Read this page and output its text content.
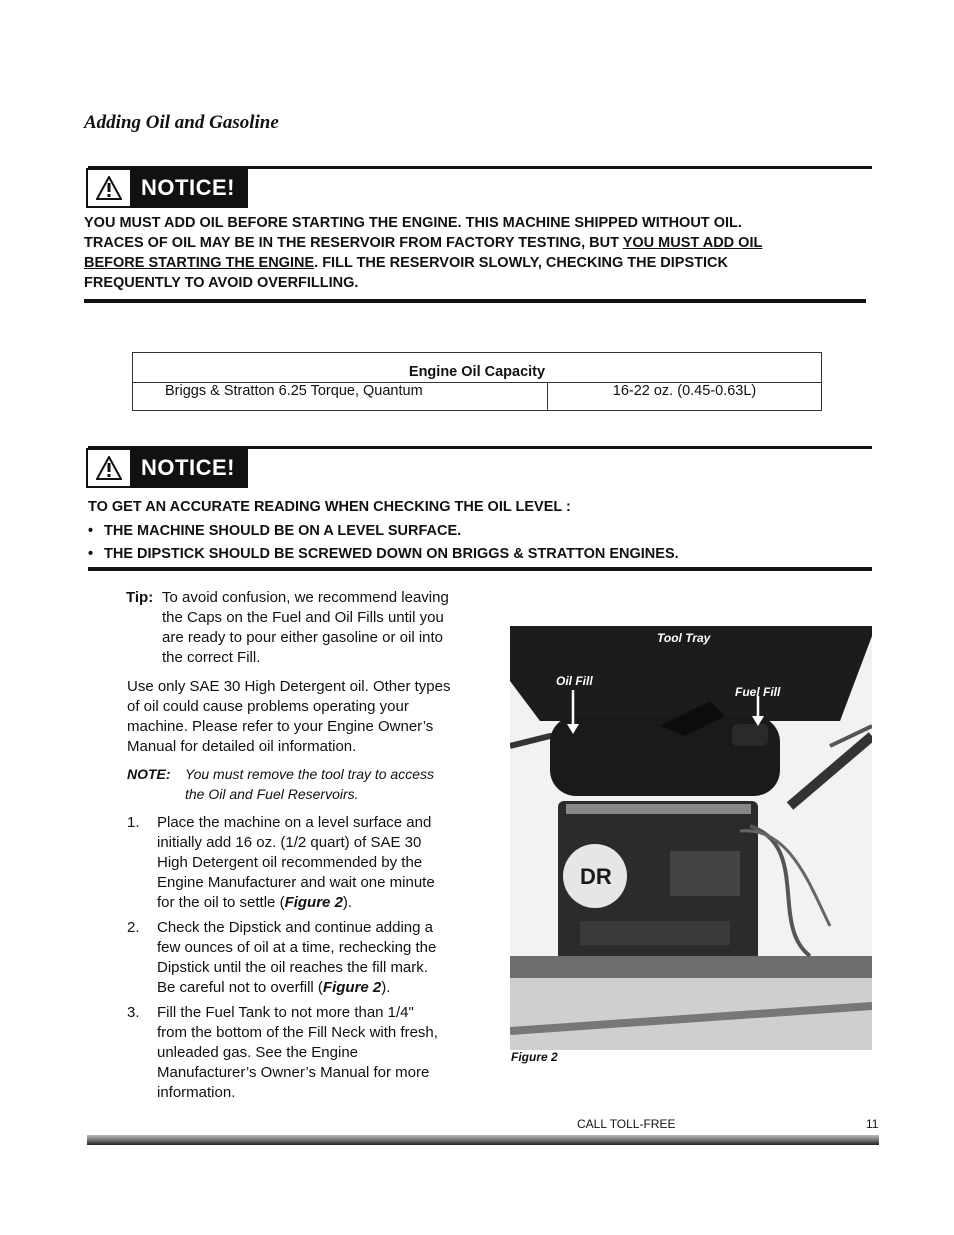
Adding Oil and Gasoline
NOTICE!
YOU MUST ADD OIL BEFORE STARTING THE ENGINE. THIS MACHINE SHIPPED WITHOUT OIL.
TRACES OF OIL MAY BE IN THE RESERVOIR FROM FACTORY TESTING, BUT YOU MUST ADD OIL
BEFORE STARTING THE ENGINE. FILL THE RESERVOIR SLOWLY, CHECKING THE DIPSTICK
FREQUENTLY TO AVOID OVERFILLING.
Engine Oil Capacity
Briggs & Stratton 6.25 Torque, Quantum	16-22 oz. (0.45-0.63L)
NOTICE!
TO GET AN ACCURATE READING WHEN CHECKING THE OIL LEVEL :
• THE MACHINE SHOULD BE ON A LEVEL SURFACE.
• THE DIPSTICK SHOULD BE SCREWED DOWN ON BRIGGS & STRATTON ENGINES.
Tip: To avoid confusion, we recommend leaving
the Caps on the Fuel and Oil Fills until you
are ready to pour either gasoline or oil into
the correct Fill.
Use only SAE 30 High Detergent oil. Other types
of oil could cause problems operating your
machine. Please refer to your Engine Owner’s
Manual for detailed oil information.
NOTE: You must remove the tool tray to access
the Oil and Fuel Reservoirs.
1. Place the machine on a level surface and
initially add 16 oz. (1/2 quart) of SAE 30
High Detergent oil recommended by the
Engine Manufacturer and wait one minute
for the oil to settle (Figure 2).
2. Check the Dipstick and continue adding a
few ounces of oil at a time, rechecking the
Dipstick until the oil reaches the fill mark.
Be careful not to overfill (Figure 2).
3. Fill the Fuel Tank to not more than 1/4"
from the bottom of the Fill Neck with fresh,
unleaded gas. See the Engine
Manufacturer’s Owner’s Manual for more
information.
DR
Tool Tray
Oil Fill
Fuel Fill
Figure 2
CALL TOLL-FREE	11
